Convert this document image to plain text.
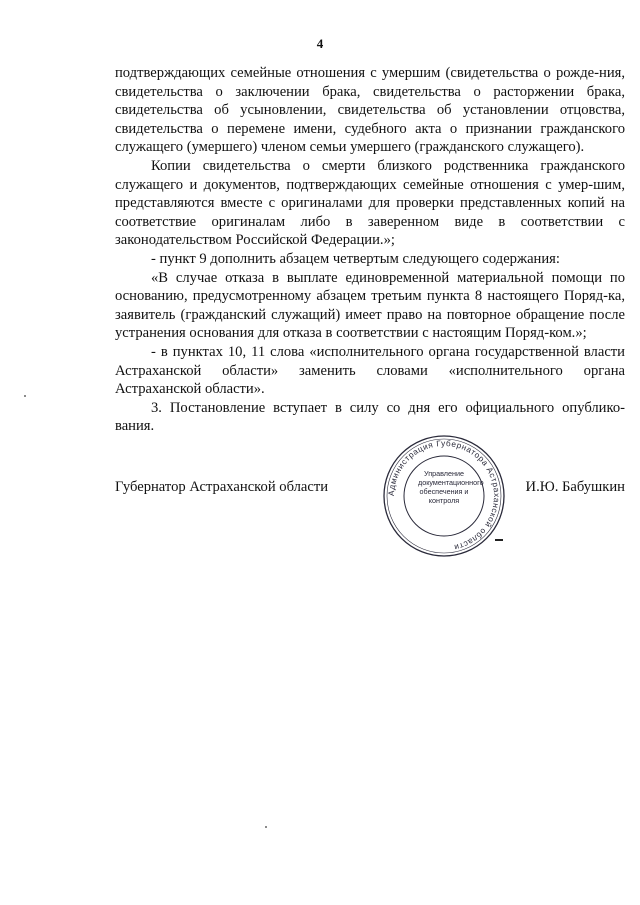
4

подтверждающих семейные отношения с умершим (свидетельства о рожде-ния, свидетельства о заключении брака, свидетельства о расторжении брака, свидетельства об усыновлении, свидетельства об установлении отцовства, свидетельства о перемене имени, судебного акта о признании гражданского служащего (умершего) членом семьи умершего (гражданского служащего).

Копии свидетельства о смерти близкого родственника гражданского служащего и документов, подтверждающих семейные отношения с умер-шим, представляются вместе с оригиналами для проверки представленных копий на соответствие оригиналам либо в заверенном виде в соответствии с законодательством Российской Федерации.»;

- пункт 9 дополнить абзацем четвертым следующего содержания:

«В случае отказа в выплате единовременной материальной помощи по основанию, предусмотренному абзацем третьим пункта 8 настоящего Поряд-ка, заявитель (гражданский служащий) имеет право на повторное обращение после устранения основания для отказа в соответствии с настоящим Поряд-ком.»;

- в пунктах 10, 11 слова «исполнительного органа государственной власти Астраханской области» заменить словами «исполнительного органа Астраханской области».

3. Постановление вступает в силу со дня его официального опублико-вания.

Губернатор Астраханской области	И.Ю. Бабушкин
Администрация Губернатора Астраханской области
Управление документационного обеспечения и контроля
